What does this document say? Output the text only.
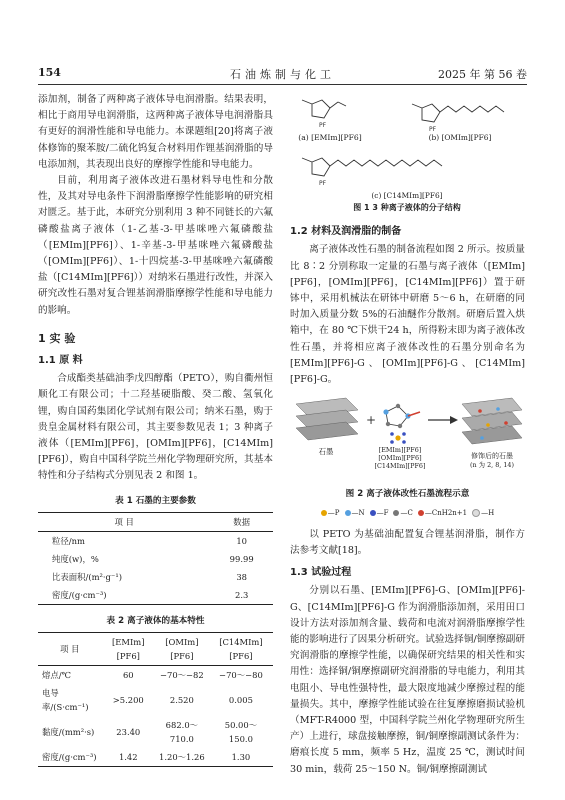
154	石油炼制与化工	2025 年 第 56 卷

添加剂，制备了两种离子液体导电润滑脂。结果表明，相比于商用导电润滑脂，这两种离子液体导电润滑脂具有更好的润滑性能和导电能力。本课题组[20]将离子液体修饰的聚苯胺/二硫化钨复合材料用作锂基润滑脂的导电添加剂，其表现出良好的摩擦学性能和导电能力。

目前，利用离子液体改进石墨材料导电性和分散性，及其对导电条件下润滑脂摩擦学性能影响的研究相对匮乏。基于此，本研究分别利用 3 种不同链长的六氟磷酸盐离子液体（1-乙基-3-甲基咪唑六氟磷酸盐（[EMIm][PF6]）、1-辛基-3-甲基咪唑六氟磷酸盐（[OMIm][PF6]）、1-十四烷基-3-甲基咪唑六氟磷酸盐（[C14MIm][PF6]））对纳米石墨进行改性，并深入研究改性石墨对复合锂基润滑脂摩擦学性能和导电能力的影响。

1 实 验
1.1 原 料

合成酯类基础油季戊四醇酯（PETO），购自衢州恒顺化工有限公司；十二羟基硬脂酸、癸二酸、氢氧化锂，购自国药集团化学试剂有限公司；纳米石墨，购于贵皇金属材料有限公司，其主要参数见表 1；3 种离子液体（[EMIm][PF6]，[OMIm][PF6]，[C14MIm][PF6]），购自中国科学院兰州化学物理研究所，其基本特性和分子结构式分别见表 2 和图 1。

表 1 石墨的主要参数
项 目	数据
粒径/nm	10
纯度(w)，%	99.99
比表面积/(m²·g⁻¹)	38
密度/(g·cm⁻³)	2.3
表 2 离子液体的基本特性
项 目	[EMIm][PF6]	[OMIm][PF6]	[C14MIm][PF6]
熔点/℃	60	−70～−82	−70～−80
电导率/(S·cm⁻¹)	>5.200	2.520	0.005
黏度/(mm²·s)	23.40	682.0～710.0	50.00～150.0
密度/(g·cm⁻³)	1.42	1.20～1.26	1.30
PF
PF
PF
(a) [EMIm][PF6]	(b) [OMIm][PF6]
(c) [C14MIm][PF6]
图 1 3 种离子液体的分子结构
1.2 材料及润滑脂的制备

离子液体改性石墨的制备流程如图 2 所示。按质量比 8∶2 分别称取一定量的石墨与离子液体（[EMIm][PF6]，[OMIm][PF6]，[C14MIm][PF6]）置于研钵中，采用机械法在研钵中研磨 5～6 h，在研磨的同时加入质量分数 5%的石油醚作分散剂。研磨后置入烘箱中，在 80 ℃下烘干24 h，所得粉末即为离子液体改性石墨，并将相应离子液体改性的石墨分别命名为[EMIm][PF6]-G、[OMIm][PF6]-G、[C14MIm][PF6]-G。

石墨
+
[EMIm][PF6]
[OMIm][PF6]
[C14MIm][PF6]
修饰后的石墨
(n 为 2, 8, 14)
图 2 离子液体改性石墨流程示意
—P	—N	—F	—C	—CnH2n+1	—H

以 PETO 为基础油配置复合锂基润滑脂，制作方法参考文献[18]。

1.3 试验过程

分别以石墨、[EMIm][PF6]-G、[OMIm][PF6]-G、[C14MIm][PF6]-G 作为润滑脂添加剂，采用田口设计方法对添加剂含量、载荷和电流对润滑脂摩擦学性能的影响进行了因果分析研究。试验选择铜/铜摩擦副研究润滑脂的摩擦学性能，以确保研究结果的相关性和实用性：选择铜/铜摩擦副研究润滑脂的导电能力，利用其电阻小、导电性强特性，最大限度地减少摩擦过程的能量损失。其中，摩擦学性能试验在往复摩擦磨损试验机（MFT-R4000 型，中国科学院兰州化学物理研究所生产）上进行，球盘接触摩擦，铜/铜摩擦副测试条件为：磨痕长度 5 mm，频率 5 Hz，温度 25 ℃，测试时间 30 min，载荷 25～150 N。铜/铜摩擦副测试
